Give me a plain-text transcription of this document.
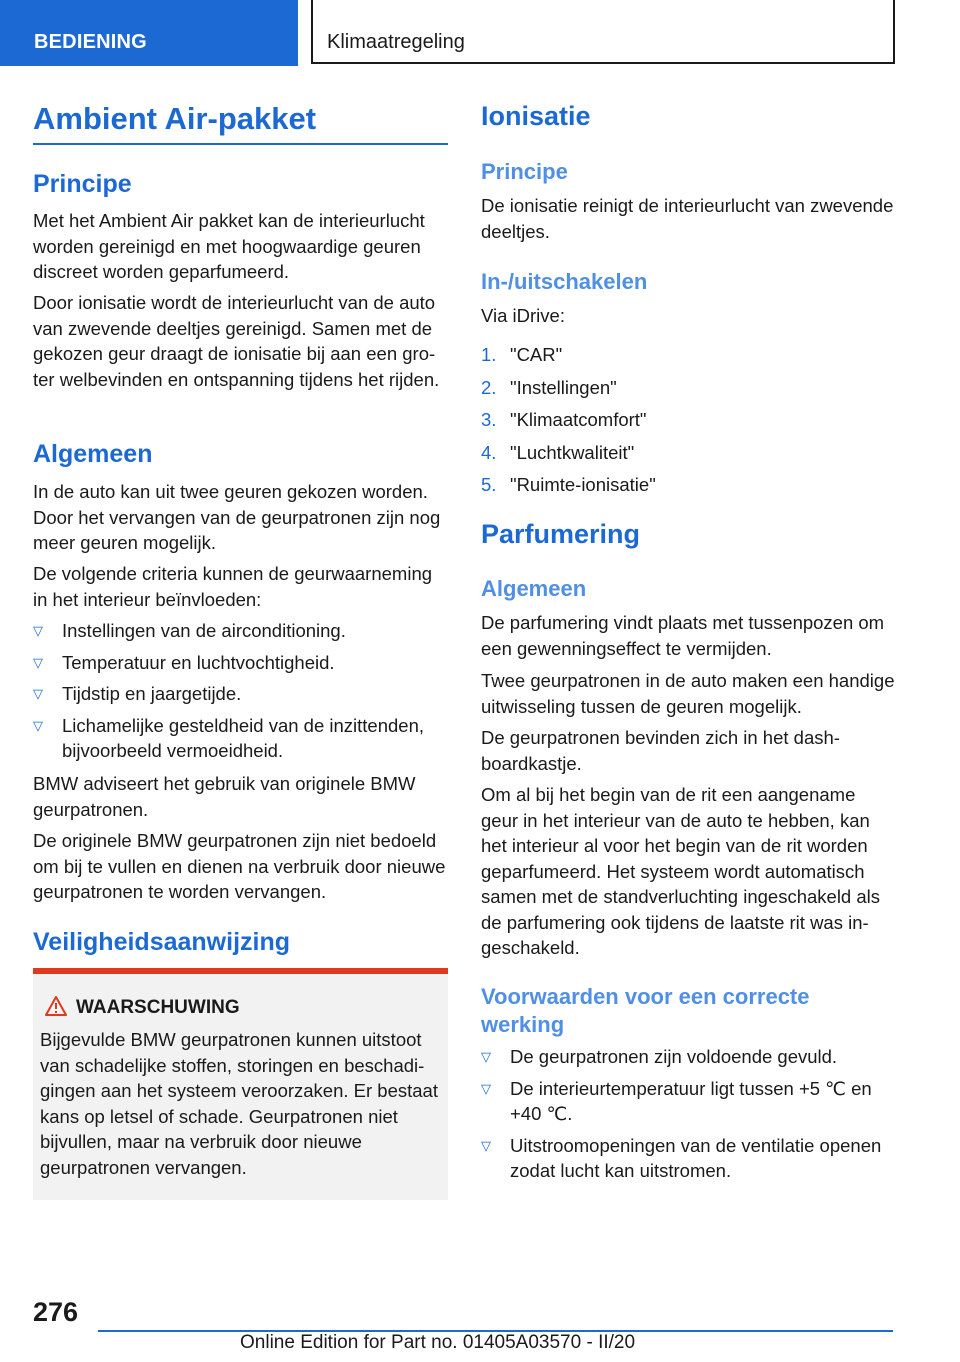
BEDIENING	Klimaatregeling
Ambient Air-pakket
Principe

Met het Ambient Air pakket kan de interieurlucht worden gereinigd en met hoogwaardige geuren discreet worden geparfumeerd.

Door ionisatie wordt de interieurlucht van de auto van zwevende deeltjes gereinigd. Samen met de gekozen geur draagt de ionisatie bij aan een groter welbevinden en ontspanning tijdens het rijden.

Algemeen

In de auto kan uit twee geuren gekozen worden. Door het vervangen van de geurpatronen zijn nog meer geuren mogelijk.

De volgende criteria kunnen de geurwaarneming in het interieur beïnvloeden:

▽ Instellingen van de airconditioning.
▽ Temperatuur en luchtvochtigheid.
▽ Tijdstip en jaargetijde.
▽ Lichamelijke gesteldheid van de inzittenden, bijvoorbeeld vermoeidheid.

BMW adviseert het gebruik van originele BMW geurpatronen.

De originele BMW geurpatronen zijn niet bedoeld om bij te vullen en dienen na verbruik door nieuwe geurpatronen te worden vervangen.

Veiligheidsaanwijzing
WAARSCHUWING

Bijgevulde BMW geurpatronen kunnen uitstoot van schadelijke stoffen, storingen en beschadigingen aan het systeem veroorzaken. Er bestaat kans op letsel of schade. Geurpatronen niet bijvullen, maar na verbruik door nieuwe geurpatronen vervangen.

Ionisatie
Principe

De ionisatie reinigt de interieurlucht van zwevende deeltjes.

In-/uitschakelen

Via iDrive:

1. "CAR"
2. "Instellingen"
3. "Klimaatcomfort"
4. "Luchtkwaliteit"
5. "Ruimte-ionisatie"
Parfumering
Algemeen

De parfumering vindt plaats met tussenpozen om een gewenningseffect te vermijden.

Twee geurpatronen in de auto maken een handige uitwisseling tussen de geuren mogelijk.

De geurpatronen bevinden zich in het dashboardkastje.

Om al bij het begin van de rit een aangename geur in het interieur van de auto te hebben, kan het interieur al voor het begin van de rit worden geparfumeerd. Het systeem wordt automatisch samen met de standverluchting ingeschakeld als de parfumering ook tijdens de laatste rit was ingeschakeld.

Voorwaarden voor een correcte werking
▽ De geurpatronen zijn voldoende gevuld.
▽ De interieurtemperatuur ligt tussen +5 ℃ en +40 ℃.
▽ Uitstroomopeningen van de ventilatie openen zodat lucht kan uitstromen.
276
Online Edition for Part no. 01405A03570 - II/20
